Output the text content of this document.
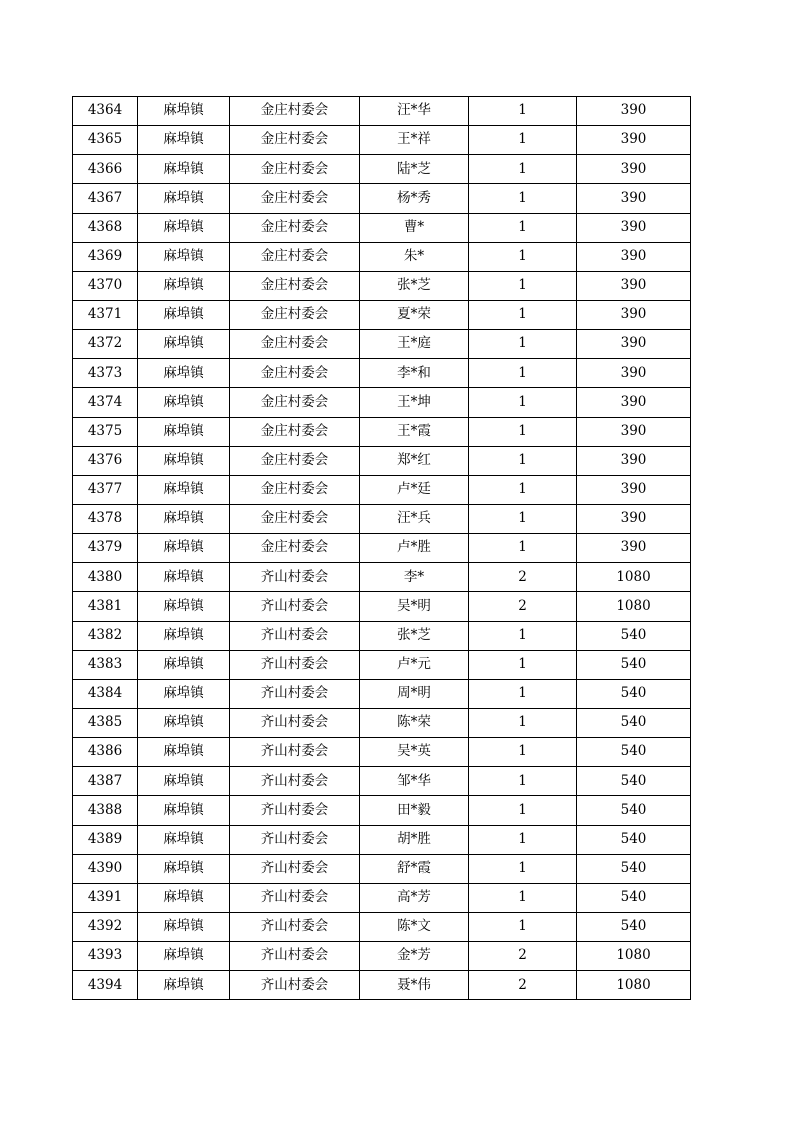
4364	麻埠镇	金庄村委会	汪*华	1	390
4365	麻埠镇	金庄村委会	王*祥	1	390
4366	麻埠镇	金庄村委会	陆*芝	1	390
4367	麻埠镇	金庄村委会	杨*秀	1	390
4368	麻埠镇	金庄村委会	曹*	1	390
4369	麻埠镇	金庄村委会	朱*	1	390
4370	麻埠镇	金庄村委会	张*芝	1	390
4371	麻埠镇	金庄村委会	夏*荣	1	390
4372	麻埠镇	金庄村委会	王*庭	1	390
4373	麻埠镇	金庄村委会	李*和	1	390
4374	麻埠镇	金庄村委会	王*坤	1	390
4375	麻埠镇	金庄村委会	王*霞	1	390
4376	麻埠镇	金庄村委会	郑*红	1	390
4377	麻埠镇	金庄村委会	卢*廷	1	390
4378	麻埠镇	金庄村委会	汪*兵	1	390
4379	麻埠镇	金庄村委会	卢*胜	1	390
4380	麻埠镇	齐山村委会	李*	2	1080
4381	麻埠镇	齐山村委会	吴*明	2	1080
4382	麻埠镇	齐山村委会	张*芝	1	540
4383	麻埠镇	齐山村委会	卢*元	1	540
4384	麻埠镇	齐山村委会	周*明	1	540
4385	麻埠镇	齐山村委会	陈*荣	1	540
4386	麻埠镇	齐山村委会	吴*英	1	540
4387	麻埠镇	齐山村委会	邹*华	1	540
4388	麻埠镇	齐山村委会	田*毅	1	540
4389	麻埠镇	齐山村委会	胡*胜	1	540
4390	麻埠镇	齐山村委会	舒*霞	1	540
4391	麻埠镇	齐山村委会	高*芳	1	540
4392	麻埠镇	齐山村委会	陈*文	1	540
4393	麻埠镇	齐山村委会	金*芳	2	1080
4394	麻埠镇	齐山村委会	聂*伟	2	1080
